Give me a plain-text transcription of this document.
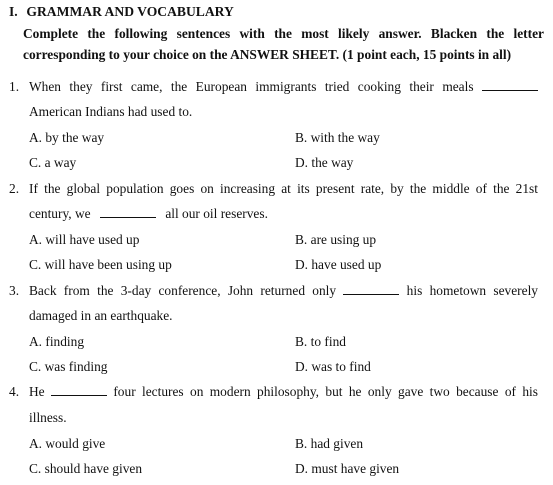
I. GRAMMAR AND VOCABULARY
Complete the following sentences with the most likely answer. Blacken the letter
corresponding to your choice on the ANSWER SHEET. (1 point each, 15 points in all)
1. When they first came, the European immigrants tried cooking their meals
American Indians had used to.
A. by the way	B. with the way
C. a way	D. the way
2. If the global population goes on increasing at its present rate, by the middle of the 21st
century, we	all our oil reserves.
A. will have used up	B. are using up
C. will have been using up	D. have used up
3. Back from the 3-day conference, John returned only	his hometown severely
damaged in an earthquake.
A. finding	B. to find
C. was finding	D. was to find
4. He	four lectures on modern philosophy, but he only gave two because of his
illness.
A. would give	B. had given
C. should have given	D. must have given
